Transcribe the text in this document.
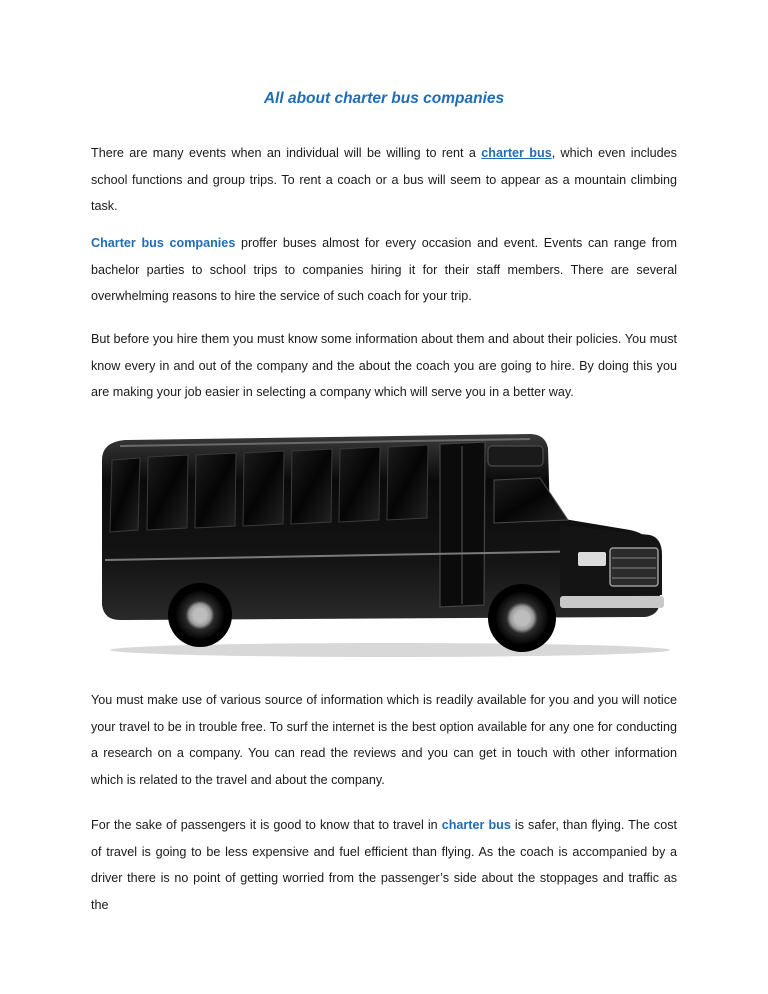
All about charter bus companies

There are many events when an individual will be willing to rent a charter bus, which even includes school functions and group trips. To rent a coach or a bus will seem to appear as a mountain climbing task.

Charter bus companies proffer buses almost for every occasion and event. Events can range from bachelor parties to school trips to companies hiring it for their staff members. There are several overwhelming reasons to hire the service of such coach for your trip.

But before you hire them you must know some information about them and about their policies. You must know every in and out of the company and the about the coach you are going to hire. By doing this you are making your job easier in selecting a company which will serve you in a better way.

You must make use of various source of information which is readily available for you and you will notice your travel to be in trouble free. To surf the internet is the best option available for any one for conducting a research on a company. You can read the reviews and you can get in touch with other information which is related to the travel and about the company.

For the sake of passengers it is good to know that to travel in charter bus is safer, than flying. The cost of travel is going to be less expensive and fuel efficient than flying. As the coach is accompanied by a driver there is no point of getting worried from the passenger’s side about the stoppages and traffic as the
